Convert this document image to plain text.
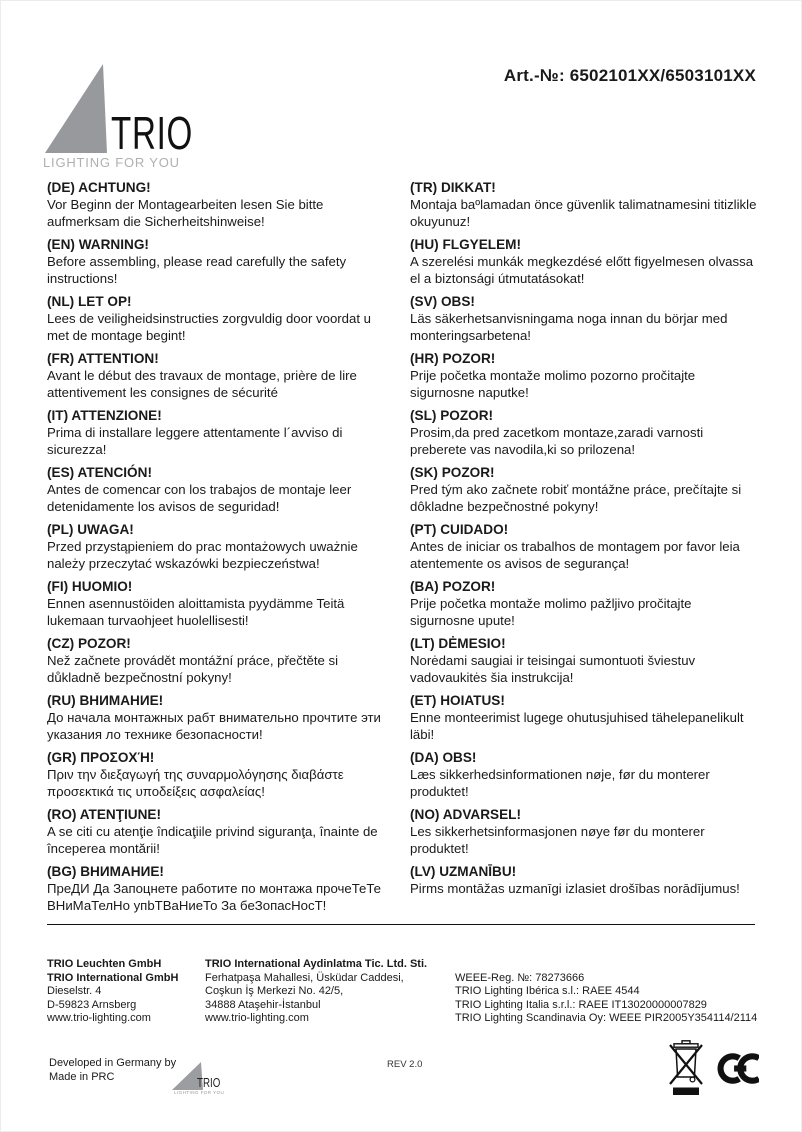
Art.-№: 6502101XX/6503101XX
TRIO
LIGHTING FOR YOU
(DE) ACHTUNG!

Vor Beginn der Montagearbeiten lesen Sie bitte aufmerksam die Sicherheitshinweise!

(EN) WARNING!

Before assembling, please read carefully the safety instructions!

(NL) LET OP!

Lees de veiligheidsinstructies zorgvuldig door voordat u met de montage begint!

(FR) ATTENTION!

Avant le début des travaux de montage, prière de lire attentivement les consignes de sécurité

(IT) ATTENZIONE!

Prima di installare leggere attentamente l´avviso di sicurezza!

(ES) ATENCIÓN!

Antes de comencar con los trabajos de montaje leer detenidamente los avisos de seguridad!

(PL) UWAGA!

Przed przystąpieniem do prac montażowych uważnie należy przeczytać wskazówki bezpieczeństwa!

(FI) HUOMIO!

Ennen asennustöiden aloittamista pyydämme Teitä lukemaan turvaohjeet huolellisesti!

(CZ) POZOR!

Než začnete provádět montážní práce, přečtěte si důkladně bezpečnostní pokyny!

(RU) ВНИМАНИЕ!

До начала монтажных рабт внимательно прочтите эти указания ло технике безопасности!

(GR) ΠΡΟΣΟΧΉ!

Πριν την διεξαγωγή της συναρμολόγησης διαβάστε προσεκτικά τις υποδείξεις ασφαλείας!

(RO) ATENŢIUNE!

A se citi cu atenţie îndicaţiile privind siguranţa, înainte de începerea montării!

(BG) ВНИМАНИЕ!

ПреДИ Да Запоцнете работите по монтажа прочеТеТе ВНиМаТелНо упbТВаНиеТо За беЗопасНосТ!

(TR) DIKKAT!

Montaja baºlamadan önce güvenlik talimatnamesini titizlikle okuyunuz!

(HU) FLGYELEM!

A szerelési munkák megkezdésé előtt figyelmesen olvassa el a biztonsági útmutatásokat!

(SV) OBS!

Läs säkerhetsanvisningama noga innan du börjar med monteringsarbetena!

(HR) POZOR!

Prije početka montaže molimo pozorno pročitajte sigurnosne naputke!

(SL) POZOR!

Prosim,da pred zacetkom montaze,zaradi varnosti preberete vas navodila,ki so prilozena!

(SK) POZOR!

Pred tým ako začnete robiť montážne práce, prečítajte si dôkladne bezpečnostné pokyny!

(PT) CUIDADO!

Antes de iniciar os trabalhos de montagem por favor leia atentemente os avisos de segurança!

(BA) POZOR!

Prije početka montaže molimo pažljivo pročitajte sigurnosne upute!

(LT) DĖMESIO!

Norėdami saugiai ir teisingai sumontuoti šviestuv vadovaukitės šia instrukcija!

(ET) HOIATUS!

Enne monteerimist lugege ohutusjuhised tähelepanelikult läbi!

(DA) OBS!

Læs sikkerhedsinformationen nøje, før du monterer produktet!

(NO) ADVARSEL!

Les sikkerhetsinformasjonen nøye før du monterer produktet!

(LV) UZMANĪBU!

Pirms montāžas uzmanīgi izlasiet drošības norādījumus!

TRIO Leuchten GmbH
TRIO International GmbH
Dieselstr. 4
D-59823 Arnsberg
www.trio-lighting.com
TRIO International Aydinlatma Tic. Ltd. Sti.
Ferhatpaşa Mahallesi, Üsküdar Caddesi,
Coşkun İş Merkezi No. 42/5,
34888 Ataşehir-İstanbul
www.trio-lighting.com
WEEE-Reg. №: 78273666
TRIO Lighting Ibérica s.l.: RAEE 4544
TRIO Lighting Italia s.r.l.: RAEE IT13020000007829
TRIO Lighting Scandinavia Oy: WEEE PIR2005Y354114/2114
Developed in Germany by
Made in PRC	TRIO
LIGHTING FOR YOU
REV 2.0
